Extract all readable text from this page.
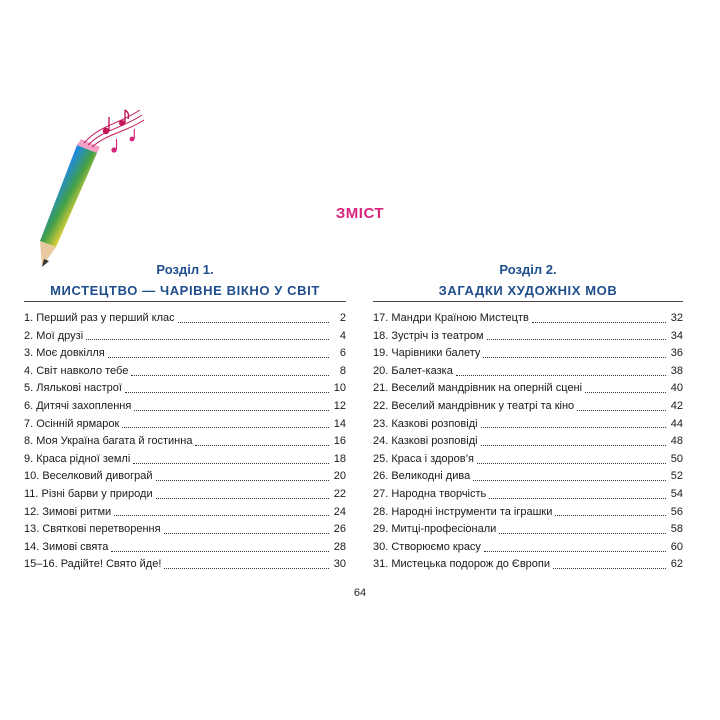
ЗМІСТ
Розділ 1.
МИСТЕЦТВО — ЧАРІВНЕ ВІКНО У СВІТ
1. Перший раз у перший клас	2
2. Мої друзі	4
3. Моє довкілля	6
4. Світ навколо тебе	8
5. Лялькові настрої	10
6. Дитячі захоплення	12
7. Осінній ярмарок	14
8. Моя Україна багата й гостинна	16
9. Краса рідної землі	18
10. Веселковий дивограй	20
11. Різні барви у природи	22
12. Зимові ритми	24
13. Святкові перетворення	26
14. Зимові свята	28
15–16. Радійте! Свято йде!	30
Розділ 2.
ЗАГАДКИ ХУДОЖНІХ МОВ
17. Мандри Країною Мистецтв	32
18. Зустріч із театром	34
19. Чарівники балету	36
20. Балет-казка	38
21. Веселий мандрівник на оперній сцені	40
22. Веселий мандрівник у театрі та кіно	42
23. Казкові розповіді	44
24. Казкові розповіді	48
25. Краса і здоров’я	50
26. Великодні дива	52
27. Народна творчість	54
28. Народні інструменти та іграшки	56
29. Митці-професіонали	58
30. Створюємо красу	60
31. Мистецька подорож до Європи	62
64
